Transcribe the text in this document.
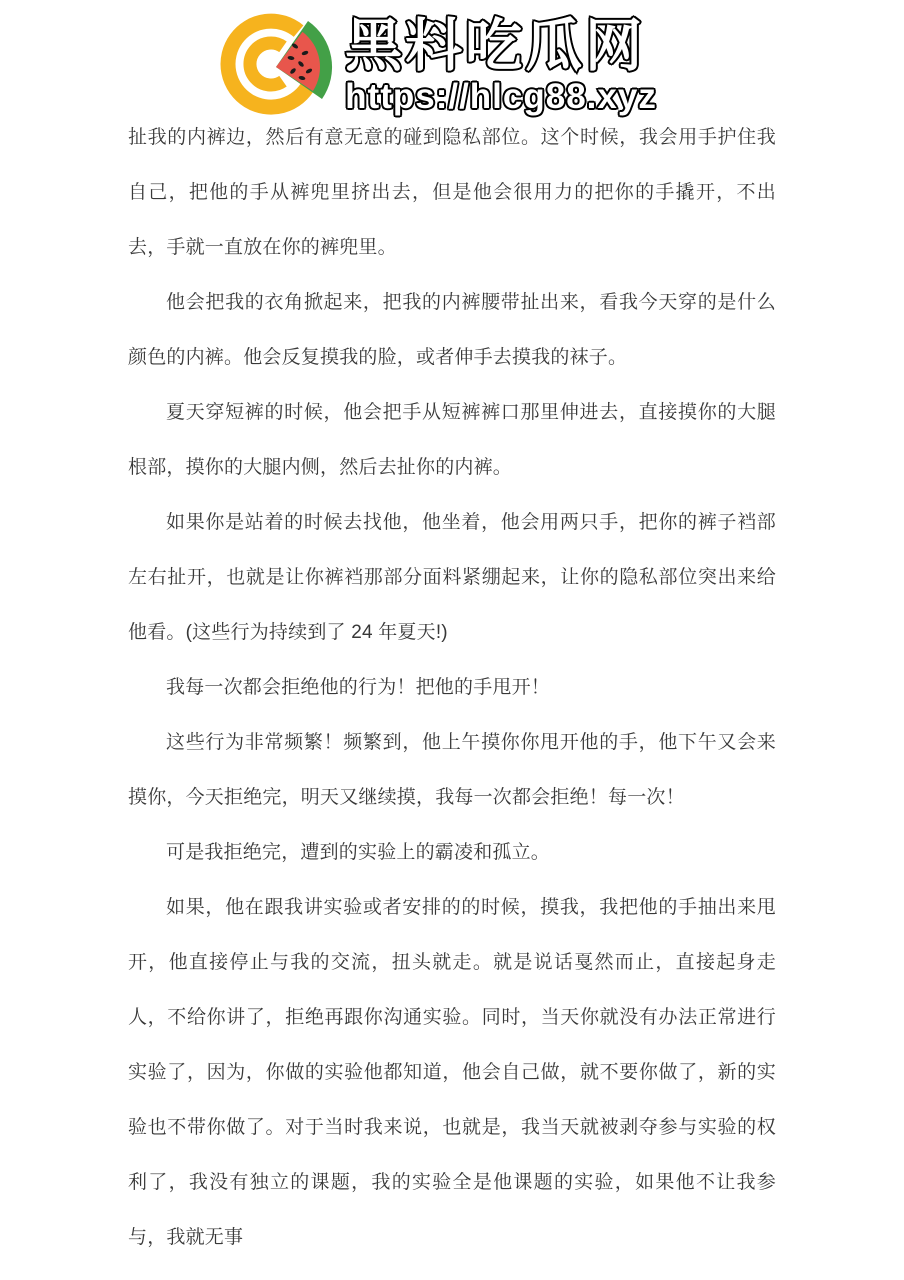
黑料吃瓜网
https://hlcg88.xyz

扯我的内裤边，然后有意无意的碰到隐私部位。这个时候，我会用手护住我自己，把他的手从裤兜里挤出去，但是他会很用力的把你的手撬开，不出去，手就一直放在你的裤兜里。

他会把我的衣角掀起来，把我的内裤腰带扯出来，看我今天穿的是什么颜色的内裤。他会反复摸我的脸，或者伸手去摸我的袜子。

夏天穿短裤的时候，他会把手从短裤裤口那里伸进去，直接摸你的大腿根部，摸你的大腿内侧，然后去扯你的内裤。

如果你是站着的时候去找他，他坐着，他会用两只手，把你的裤子裆部左右扯开，也就是让你裤裆那部分面料紧绷起来，让你的隐私部位突出来给他看。(这些行为持续到了 24 年夏天!)

我每一次都会拒绝他的行为！把他的手甩开！

这些行为非常频繁！频繁到，他上午摸你你甩开他的手，他下午又会来摸你，今天拒绝完，明天又继续摸，我每一次都会拒绝！每一次！

可是我拒绝完，遭到的实验上的霸凌和孤立。

如果，他在跟我讲实验或者安排的的时候，摸我，我把他的手抽出来甩开，他直接停止与我的交流，扭头就走。就是说话戛然而止，直接起身走人，不给你讲了，拒绝再跟你沟通实验。同时，当天你就没有办法正常进行实验了，因为，你做的实验他都知道，他会自己做，就不要你做了，新的实验也不带你做了。对于当时我来说，也就是，我当天就被剥夺参与实验的权利了，我没有独立的课题，我的实验全是他课题的实验，如果他不让我参与，我就无事
